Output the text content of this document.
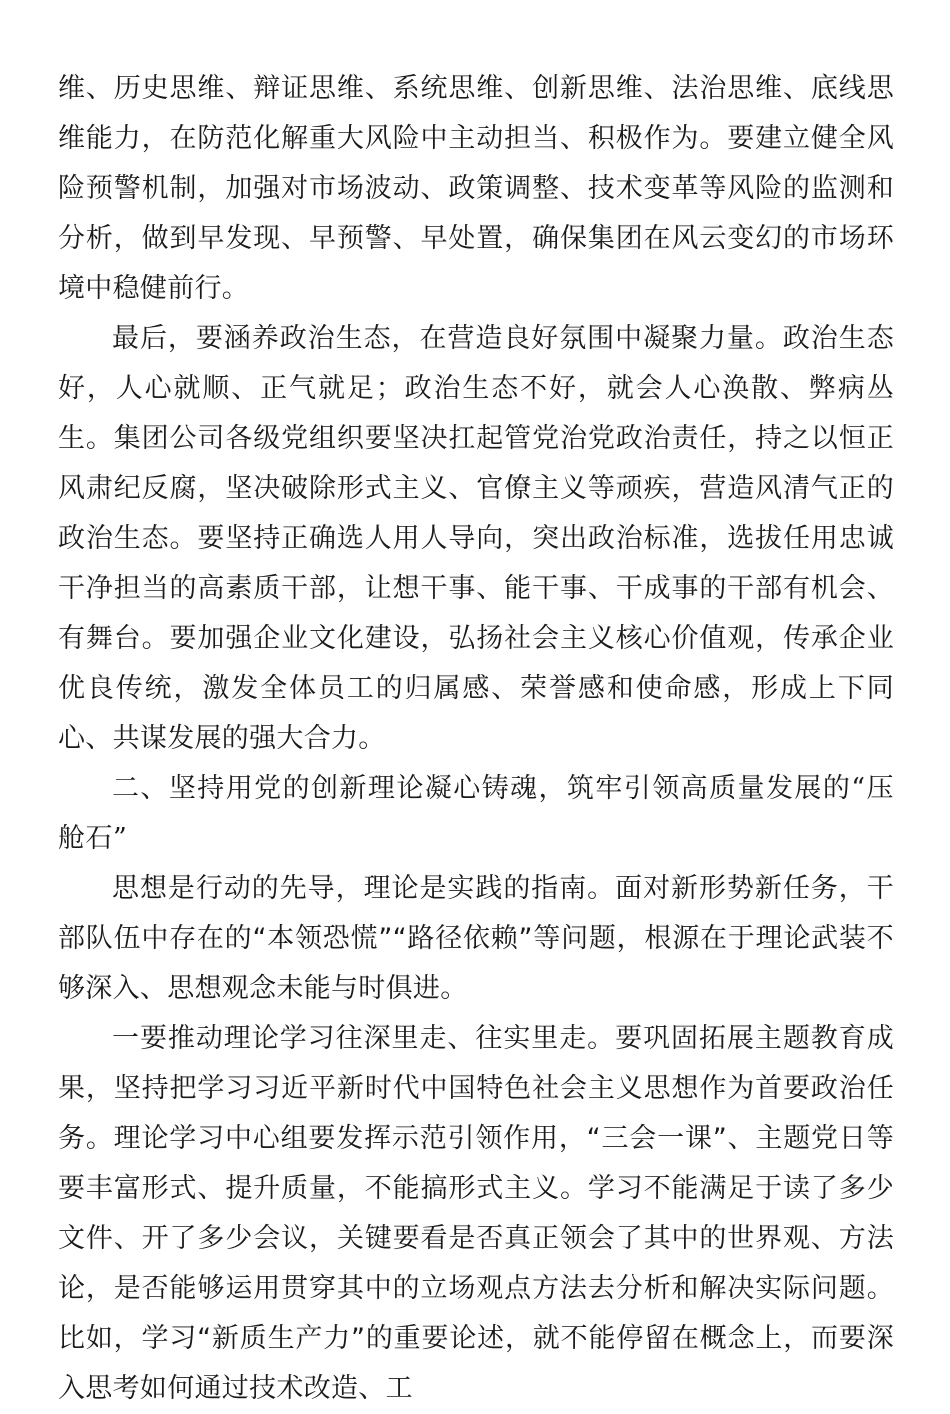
维、历史思维、辩证思维、系统思维、创新思维、法治思维、底线思维能力，在防范化解重大风险中主动担当、积极作为。要建立健全风险预警机制，加强对市场波动、政策调整、技术变革等风险的监测和分析，做到早发现、早预警、早处置，确保集团在风云变幻的市场环境中稳健前行。

最后，要涵养政治生态，在营造良好氛围中凝聚力量。政治生态好，人心就顺、正气就足；政治生态不好，就会人心涣散、弊病丛生。集团公司各级党组织要坚决扛起管党治党政治责任，持之以恒正风肃纪反腐，坚决破除形式主义、官僚主义等顽疾，营造风清气正的政治生态。要坚持正确选人用人导向，突出政治标准，选拔任用忠诚干净担当的高素质干部，让想干事、能干事、干成事的干部有机会、有舞台。要加强企业文化建设，弘扬社会主义核心价值观，传承企业优良传统，激发全体员工的归属感、荣誉感和使命感，形成上下同心、共谋发展的强大合力。

二、坚持用党的创新理论凝心铸魂，筑牢引领高质量发展的“压舱石”

思想是行动的先导，理论是实践的指南。面对新形势新任务，干部队伍中存在的“本领恐慌”“路径依赖”等问题，根源在于理论武装不够深入、思想观念未能与时俱进。

一要推动理论学习往深里走、往实里走。要巩固拓展主题教育成果，坚持把学习习近平新时代中国特色社会主义思想作为首要政治任务。理论学习中心组要发挥示范引领作用，“三会一课”、主题党日等要丰富形式、提升质量，不能搞形式主义。学习不能满足于读了多少文件、开了多少会议，关键要看是否真正领会了其中的世界观、方法论，是否能够运用贯穿其中的立场观点方法去分析和解决实际问题。比如，学习“新质生产力”的重要论述，就不能停留在概念上，而要深入思考如何通过技术改造、工
